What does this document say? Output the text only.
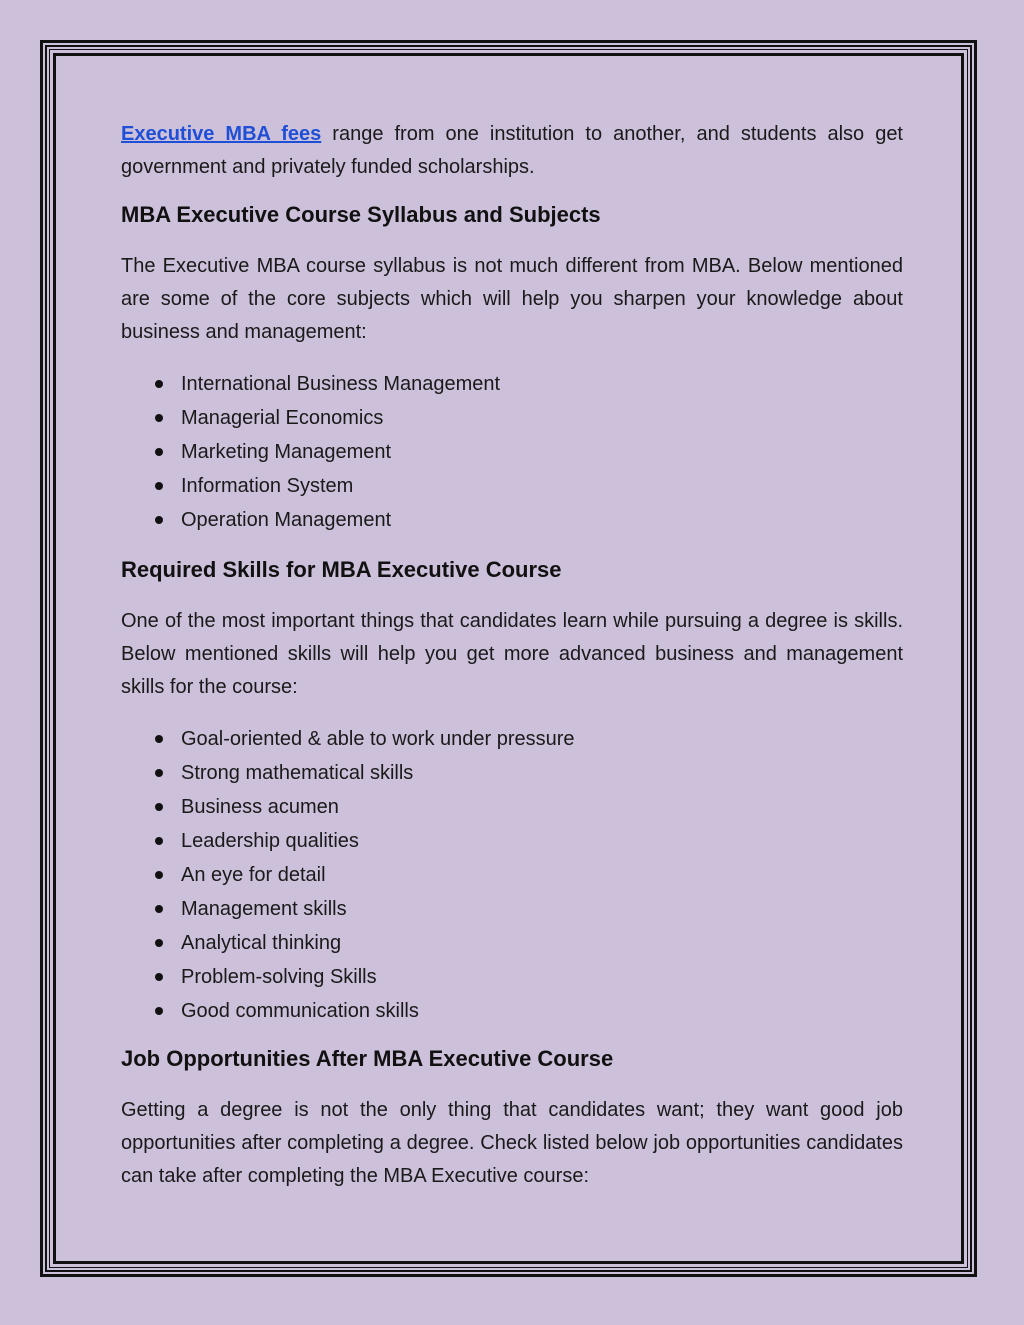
Executive MBA fees range from one institution to another, and students also get government and privately funded scholarships.

MBA Executive Course Syllabus and Subjects

The Executive MBA course syllabus is not much different from MBA. Below mentioned are some of the core subjects which will help you sharpen your knowledge about business and management:

International Business Management
Managerial Economics
Marketing Management
Information System
Operation Management
Required Skills for MBA Executive Course

One of the most important things that candidates learn while pursuing a degree is skills. Below mentioned skills will help you get more advanced business and management skills for the course:

Goal-oriented & able to work under pressure
Strong mathematical skills
Business acumen
Leadership qualities
An eye for detail
Management skills
Analytical thinking
Problem-solving Skills
Good communication skills
Job Opportunities After MBA Executive Course

Getting a degree is not the only thing that candidates want; they want good job opportunities after completing a degree. Check listed below job opportunities candidates can take after completing the MBA Executive course:
